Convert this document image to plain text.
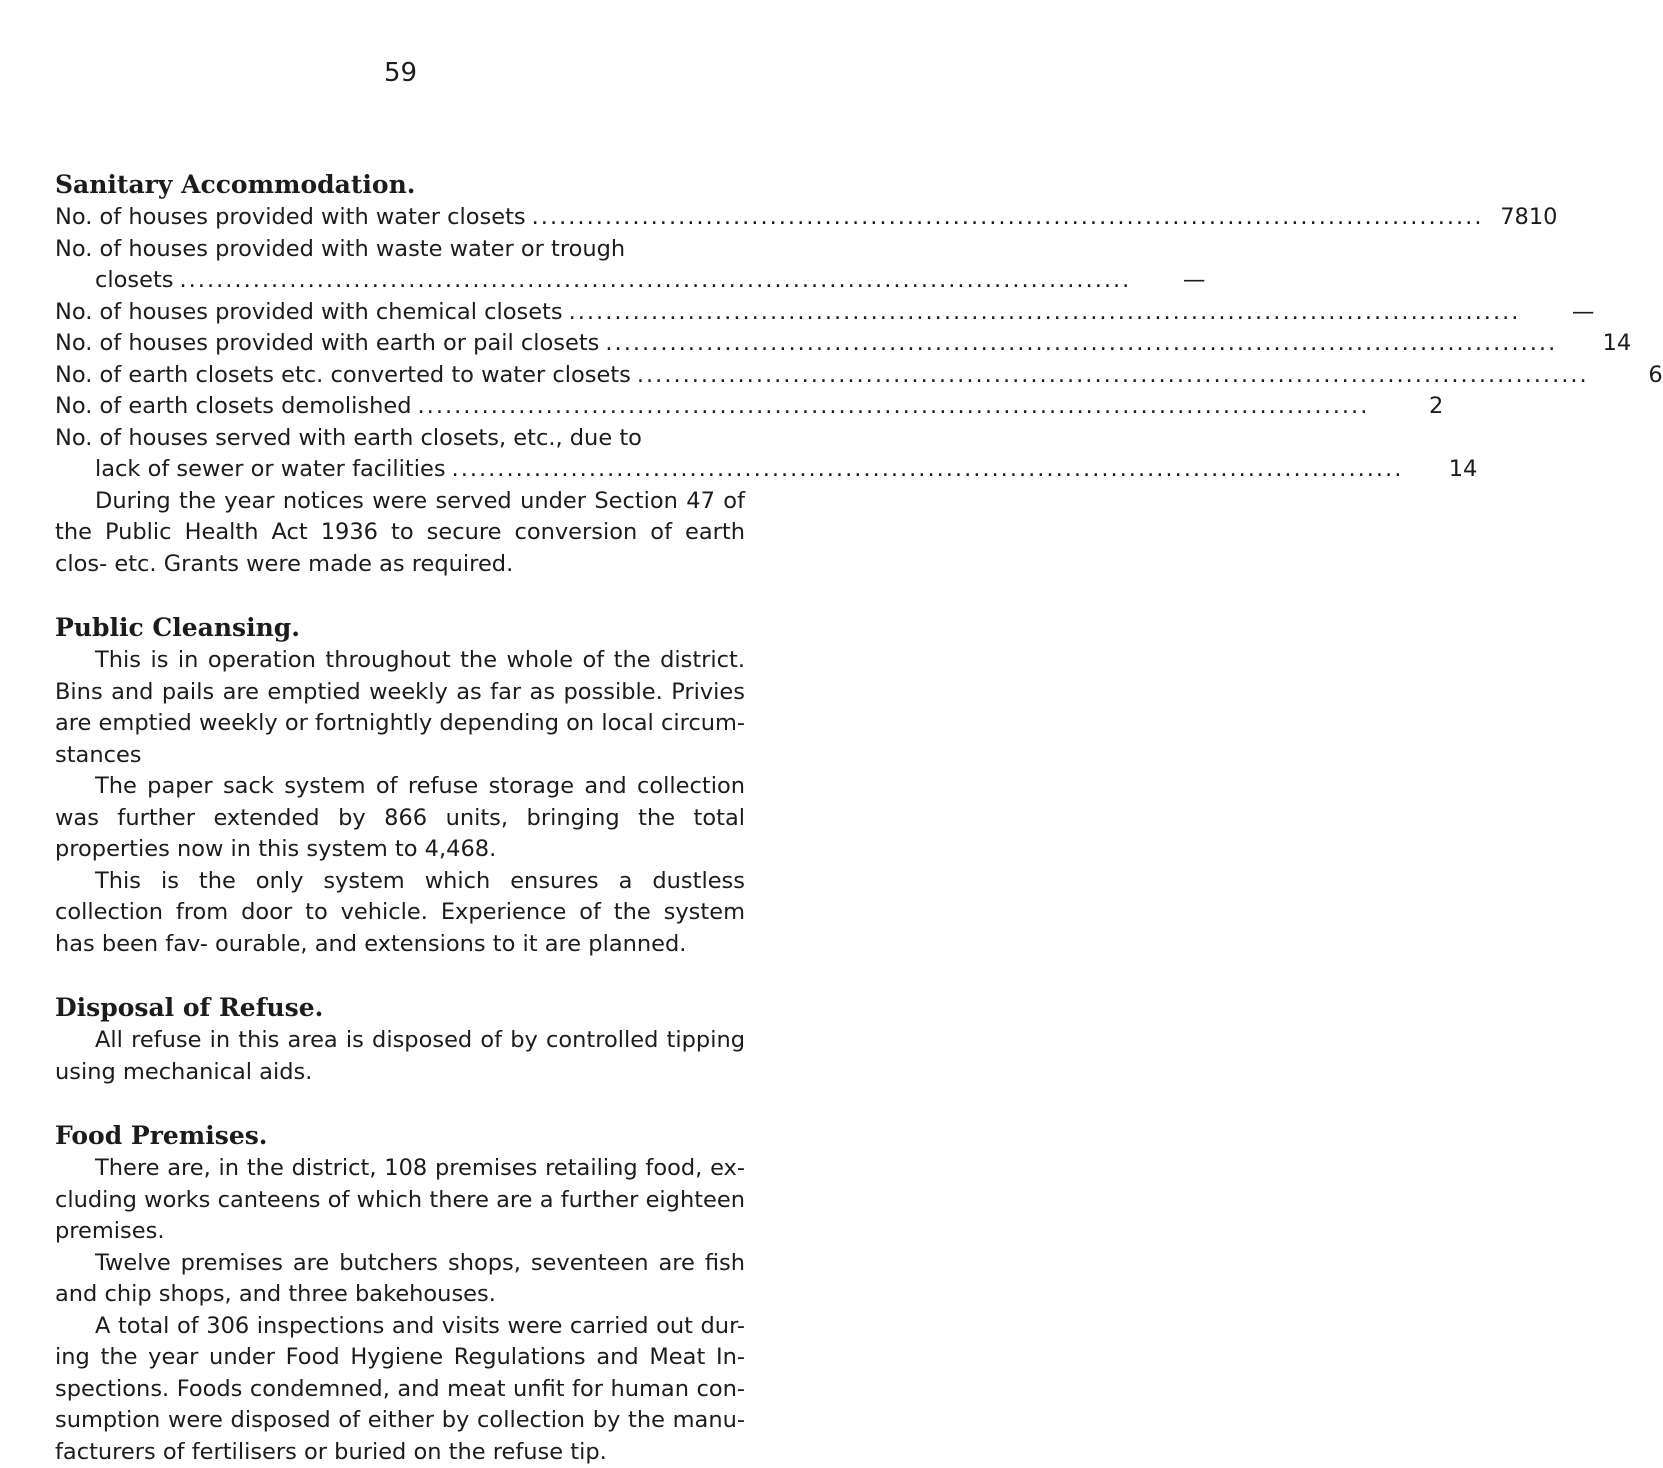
59
Sanitary Accommodation.
No. of houses provided with water closets ........................................................................................................ 7810
No. of houses provided with waste water or trough
closets ........................................................................................................	—
No. of houses provided with chemical closets ........................................................................................................	—
No. of houses provided with earth or pail closets ........................................................................................................	14
No. of earth closets etc. converted to water closets ........................................................................................................	6
No. of earth closets demolished ........................................................................................................	2
No. of houses served with earth closets, etc., due to
lack of sewer or water facilities ........................................................................................................	14

During the year notices were served under Section 47 of the Public Health Act 1936 to secure conversion of earth clos- etc. Grants were made as required.

Public Cleansing.

This is in operation throughout the whole of the district. Bins and pails are emptied weekly as far as possible. Privies are emptied weekly or fortnightly depending on local circum- stances

The paper sack system of refuse storage and collection was further extended by 866 units, bringing the total properties now in this system to 4,468.

This is the only system which ensures a dustless collection from door to vehicle. Experience of the system has been fav- ourable, and extensions to it are planned.

Disposal of Refuse.

All refuse in this area is disposed of by controlled tipping using mechanical aids.

Food Premises.

There are, in the district, 108 premises retailing food, ex- cluding works canteens of which there are a further eighteen premises.

Twelve premises are butchers shops, seventeen are fish and chip shops, and three bakehouses.

A total of 306 inspections and visits were carried out dur- ing the year under Food Hygiene Regulations and Meat In- spections. Foods condemned, and meat unfit for human con- sumption were disposed of either by collection by the manu- facturers of fertilisers or buried on the refuse tip.
